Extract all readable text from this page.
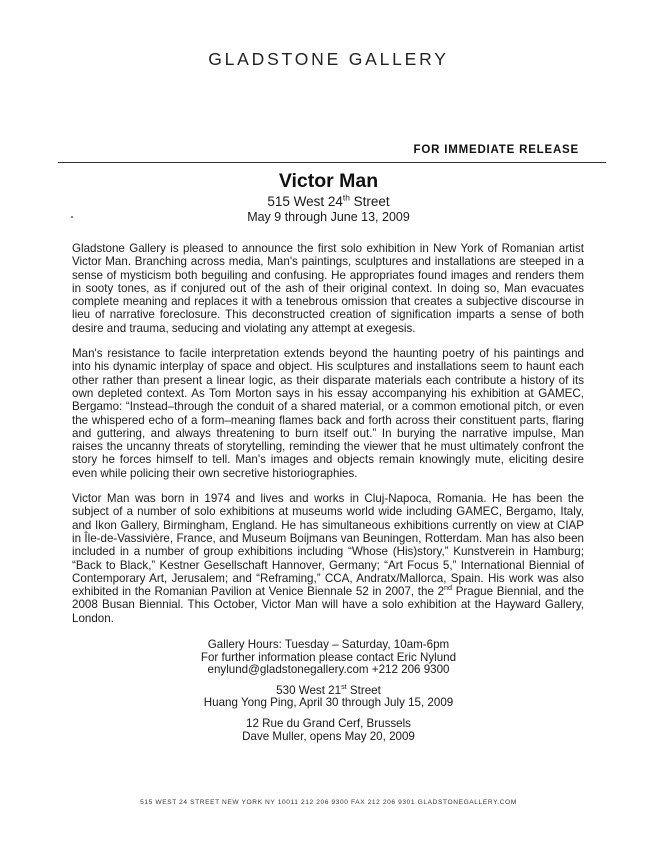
GLADSTONE GALLERY
FOR IMMEDIATE RELEASE
Victor Man
515 West 24th Street
May 9 through June 13, 2009

Gladstone Gallery is pleased to announce the first solo exhibition in New York of Romanian artist Victor Man. Branching across media, Man's paintings, sculptures and installations are steeped in a sense of mysticism both beguiling and confusing. He appropriates found images and renders them in sooty tones, as if conjured out of the ash of their original context. In doing so, Man evacuates complete meaning and replaces it with a tenebrous omission that creates a subjective discourse in lieu of narrative foreclosure. This deconstructed creation of signification imparts a sense of both desire and trauma, seducing and violating any attempt at exegesis.

Man's resistance to facile interpretation extends beyond the haunting poetry of his paintings and into his dynamic interplay of space and object. His sculptures and installations seem to haunt each other rather than present a linear logic, as their disparate materials each contribute a history of its own depleted context. As Tom Morton says in his essay accompanying his exhibition at GAMEC, Bergamo: “Instead–through the conduit of a shared material, or a common emotional pitch, or even the whispered echo of a form–meaning flames back and forth across their constituent parts, flaring and guttering, and always threatening to burn itself out.” In burying the narrative impulse, Man raises the uncanny threats of storytelling, reminding the viewer that he must ultimately confront the story he forces himself to tell. Man's images and objects remain knowingly mute, eliciting desire even while policing their own secretive historiographies.

Victor Man was born in 1974 and lives and works in Cluj-Napoca, Romania. He has been the subject of a number of solo exhibitions at museums world wide including GAMEC, Bergamo, Italy, and Ikon Gallery, Birmingham, England. He has simultaneous exhibitions currently on view at CIAP in Île-de-Vassivière, France, and Museum Boijmans van Beuningen, Rotterdam. Man has also been included in a number of group exhibitions including “Whose (His)story,” Kunstverein in Hamburg; “Back to Black,” Kestner Gesellschaft Hannover, Germany; “Art Focus 5,” International Biennial of Contemporary Art, Jerusalem; and “Reframing,” CCA, Andratx/Mallorca, Spain. His work was also exhibited in the Romanian Pavilion at Venice Biennale 52 in 2007, the 2nd Prague Biennial, and the 2008 Busan Biennial. This October, Victor Man will have a solo exhibition at the Hayward Gallery, London.

Gallery Hours: Tuesday – Saturday, 10am-6pm
For further information please contact Eric Nylund
enylund@gladstonegallery.com +212 206 9300
530 West 21st Street
Huang Yong Ping, April 30 through July 15, 2009
12 Rue du Grand Cerf, Brussels
Dave Muller, opens May 20, 2009
515 WEST 24 STREET NEW YORK NY 10011 212 206 9300 FAX 212 206 9301 GLADSTONEGALLERY.COM
